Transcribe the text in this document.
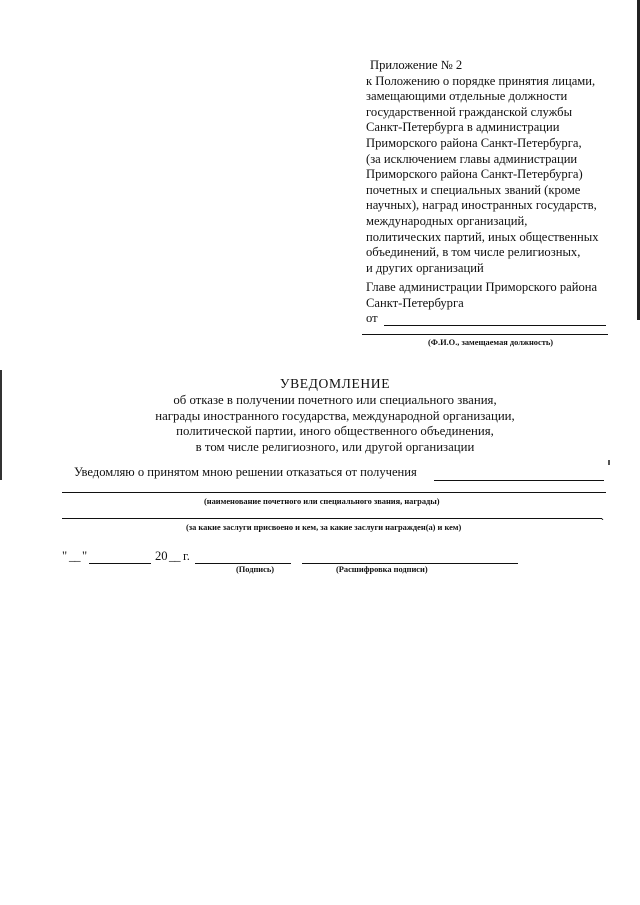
Приложение № 2
к Положению о порядке принятия лицами,
замещающими отдельные должности
государственной гражданской службы
Санкт-Петербурга в администрации
Приморского района Санкт-Петербурга,
(за исключением главы администрации
Приморского района Санкт-Петербурга)
почетных и специальных званий (кроме
научных), наград иностранных государств,
международных организаций,
политических партий, иных общественных
объединений, в том числе религиозных,
и других организаций
Главе администрации Приморского района
Санкт-Петербурга
от
(Ф.И.О., замещаемая должность)
УВЕДОМЛЕНИЕ
об отказе в получении почетного или специального звания,
награды иностранного государства, международной организации,
политической партии, иного общественного объединения,
в том числе религиозного, или другой организации
Уведомляю о принятом мною решении отказаться от получения
(наименование почетного или специального звания, награды)
.
(за какие заслуги присвоено и кем, за какие заслуги награжден(а) и кем)
" __ "	20 __ г.
(Подпись)	(Расшифровка подписи)
